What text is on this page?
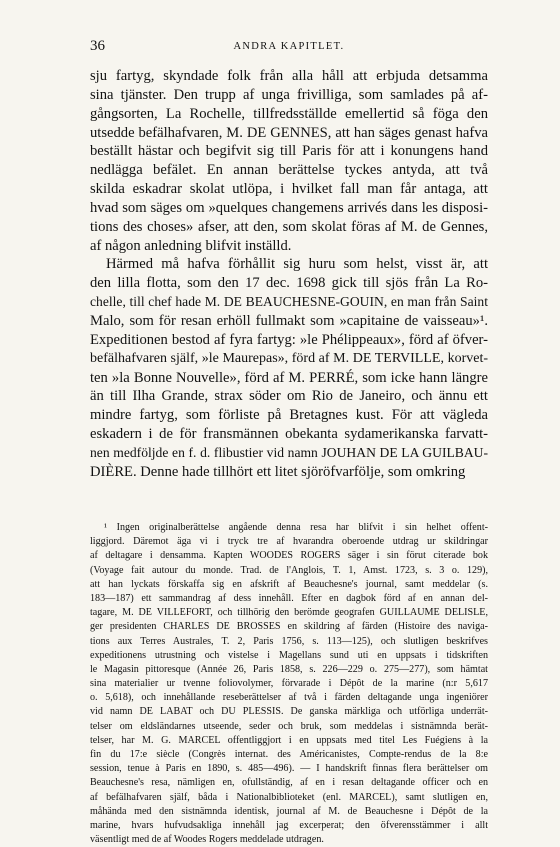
36	ANDRA KAPITLET.
sju fartyg, skyndade folk från alla håll att erbjuda detsamma
sina tjänster. Den trupp af unga frivilliga, som samlades på af-
gångsorten, La Rochelle, tillfredsställde emellertid så föga den
utsedde befälhafvaren, M. DE GENNES, att han säges genast hafva
beställt hästar och begifvit sig till Paris för att i konungens hand
nedlägga befälet. En annan berättelse tyckes antyda, att två
skilda eskadrar skolat utlöpa, i hvilket fall man får antaga, att
hvad som säges om »quelques changemens arrivés dans les disposi-
tions des choses» afser, att den, som skolat föras af M. de Gennes,
af någon anledning blifvit inställd.
Härmed må hafva förhållit sig huru som helst, visst är, att
den lilla flotta, som den 17 dec. 1698 gick till sjös från La Ro-
chelle, till chef hade M. DE BEAUCHESNE-GOUIN, en man från Saint
Malo, som för resan erhöll fullmakt som »capitaine de vaisseau»¹.
Expeditionen bestod af fyra fartyg: »le Phélippeaux», förd af öfver-
befälhafvaren själf, »le Maurepas», förd af M. DE TERVILLE, korvet-
ten »la Bonne Nouvelle», förd af M. PERRÉ, som icke hann längre
än till Ilha Grande, strax söder om Rio de Janeiro, och ännu ett
mindre fartyg, som förliste på Bretagnes kust. För att vägleda
eskadern i de för fransmännen obekanta sydamerikanska farvatt-
nen medföljde en f. d. flibustier vid namn JOUHAN DE LA GUILBAU-
DIÈRE. Denne hade tillhört ett litet sjöröfvarfölje, som omkring
¹ Ingen originalberättelse angående denna resa har blifvit i sin helhet offent-
liggjord. Däremot äga vi i tryck tre af hvarandra oberoende utdrag ur skildringar
af deltagare i densamma. Kapten WOODES ROGERS säger i sin förut citerade bok
(Voyage fait autour du monde. Trad. de l'Anglois, T. 1, Amst. 1723, s. 3 o. 129),
att han lyckats förskaffa sig en afskrift af Beauchesne's journal, samt meddelar (s.
183—187) ett sammandrag af dess innehåll. Efter en dagbok förd af en annan del-
tagare, M. DE VILLEFORT, och tillhörig den berömde geografen GUILLAUME DELISLE,
ger presidenten CHARLES DE BROSSES en skildring af färden (Histoire des naviga-
tions aux Terres Australes, T. 2, Paris 1756, s. 113—125), och slutligen beskrifves
expeditionens utrustning och vistelse i Magellans sund uti en uppsats i tidskriften
le Magasin pittoresque (Année 26, Paris 1858, s. 226—229 o. 275—277), som hämtat
sina materialier ur tvenne foliovolymer, förvarade i Dépôt de la marine (n:r 5,617
o. 5,618), och innehållande reseberättelser af två i färden deltagande unga ingeniörer
vid namn DE LABAT och DU PLESSIS. De ganska märkliga och utförliga underrät-
telser om eldsländarnes utseende, seder och bruk, som meddelas i sistnämnda berät-
telser, har M. G. MARCEL offentliggjort i en uppsats med titel Les Fuégiens à la
fin du 17:e siècle (Congrès internat. des Américanistes, Compte-rendus de la 8:e
session, tenue à Paris en 1890, s. 485—496). — I handskrift finnas flera berättelser om
Beauchesne's resa, nämligen en, ofullständig, af en i resan deltagande officer och en
af befälhafvaren själf, båda i Nationalbiblioteket (enl. MARCEL), samt slutligen en,
måhända med den sistnämnda identisk, journal af M. de Beauchesne i Dépôt de la
marine, hvars hufvudsakliga innehåll jag excerperat; den öfverensstämmer i allt
väsentligt med de af Woodes Rogers meddelade utdragen.
